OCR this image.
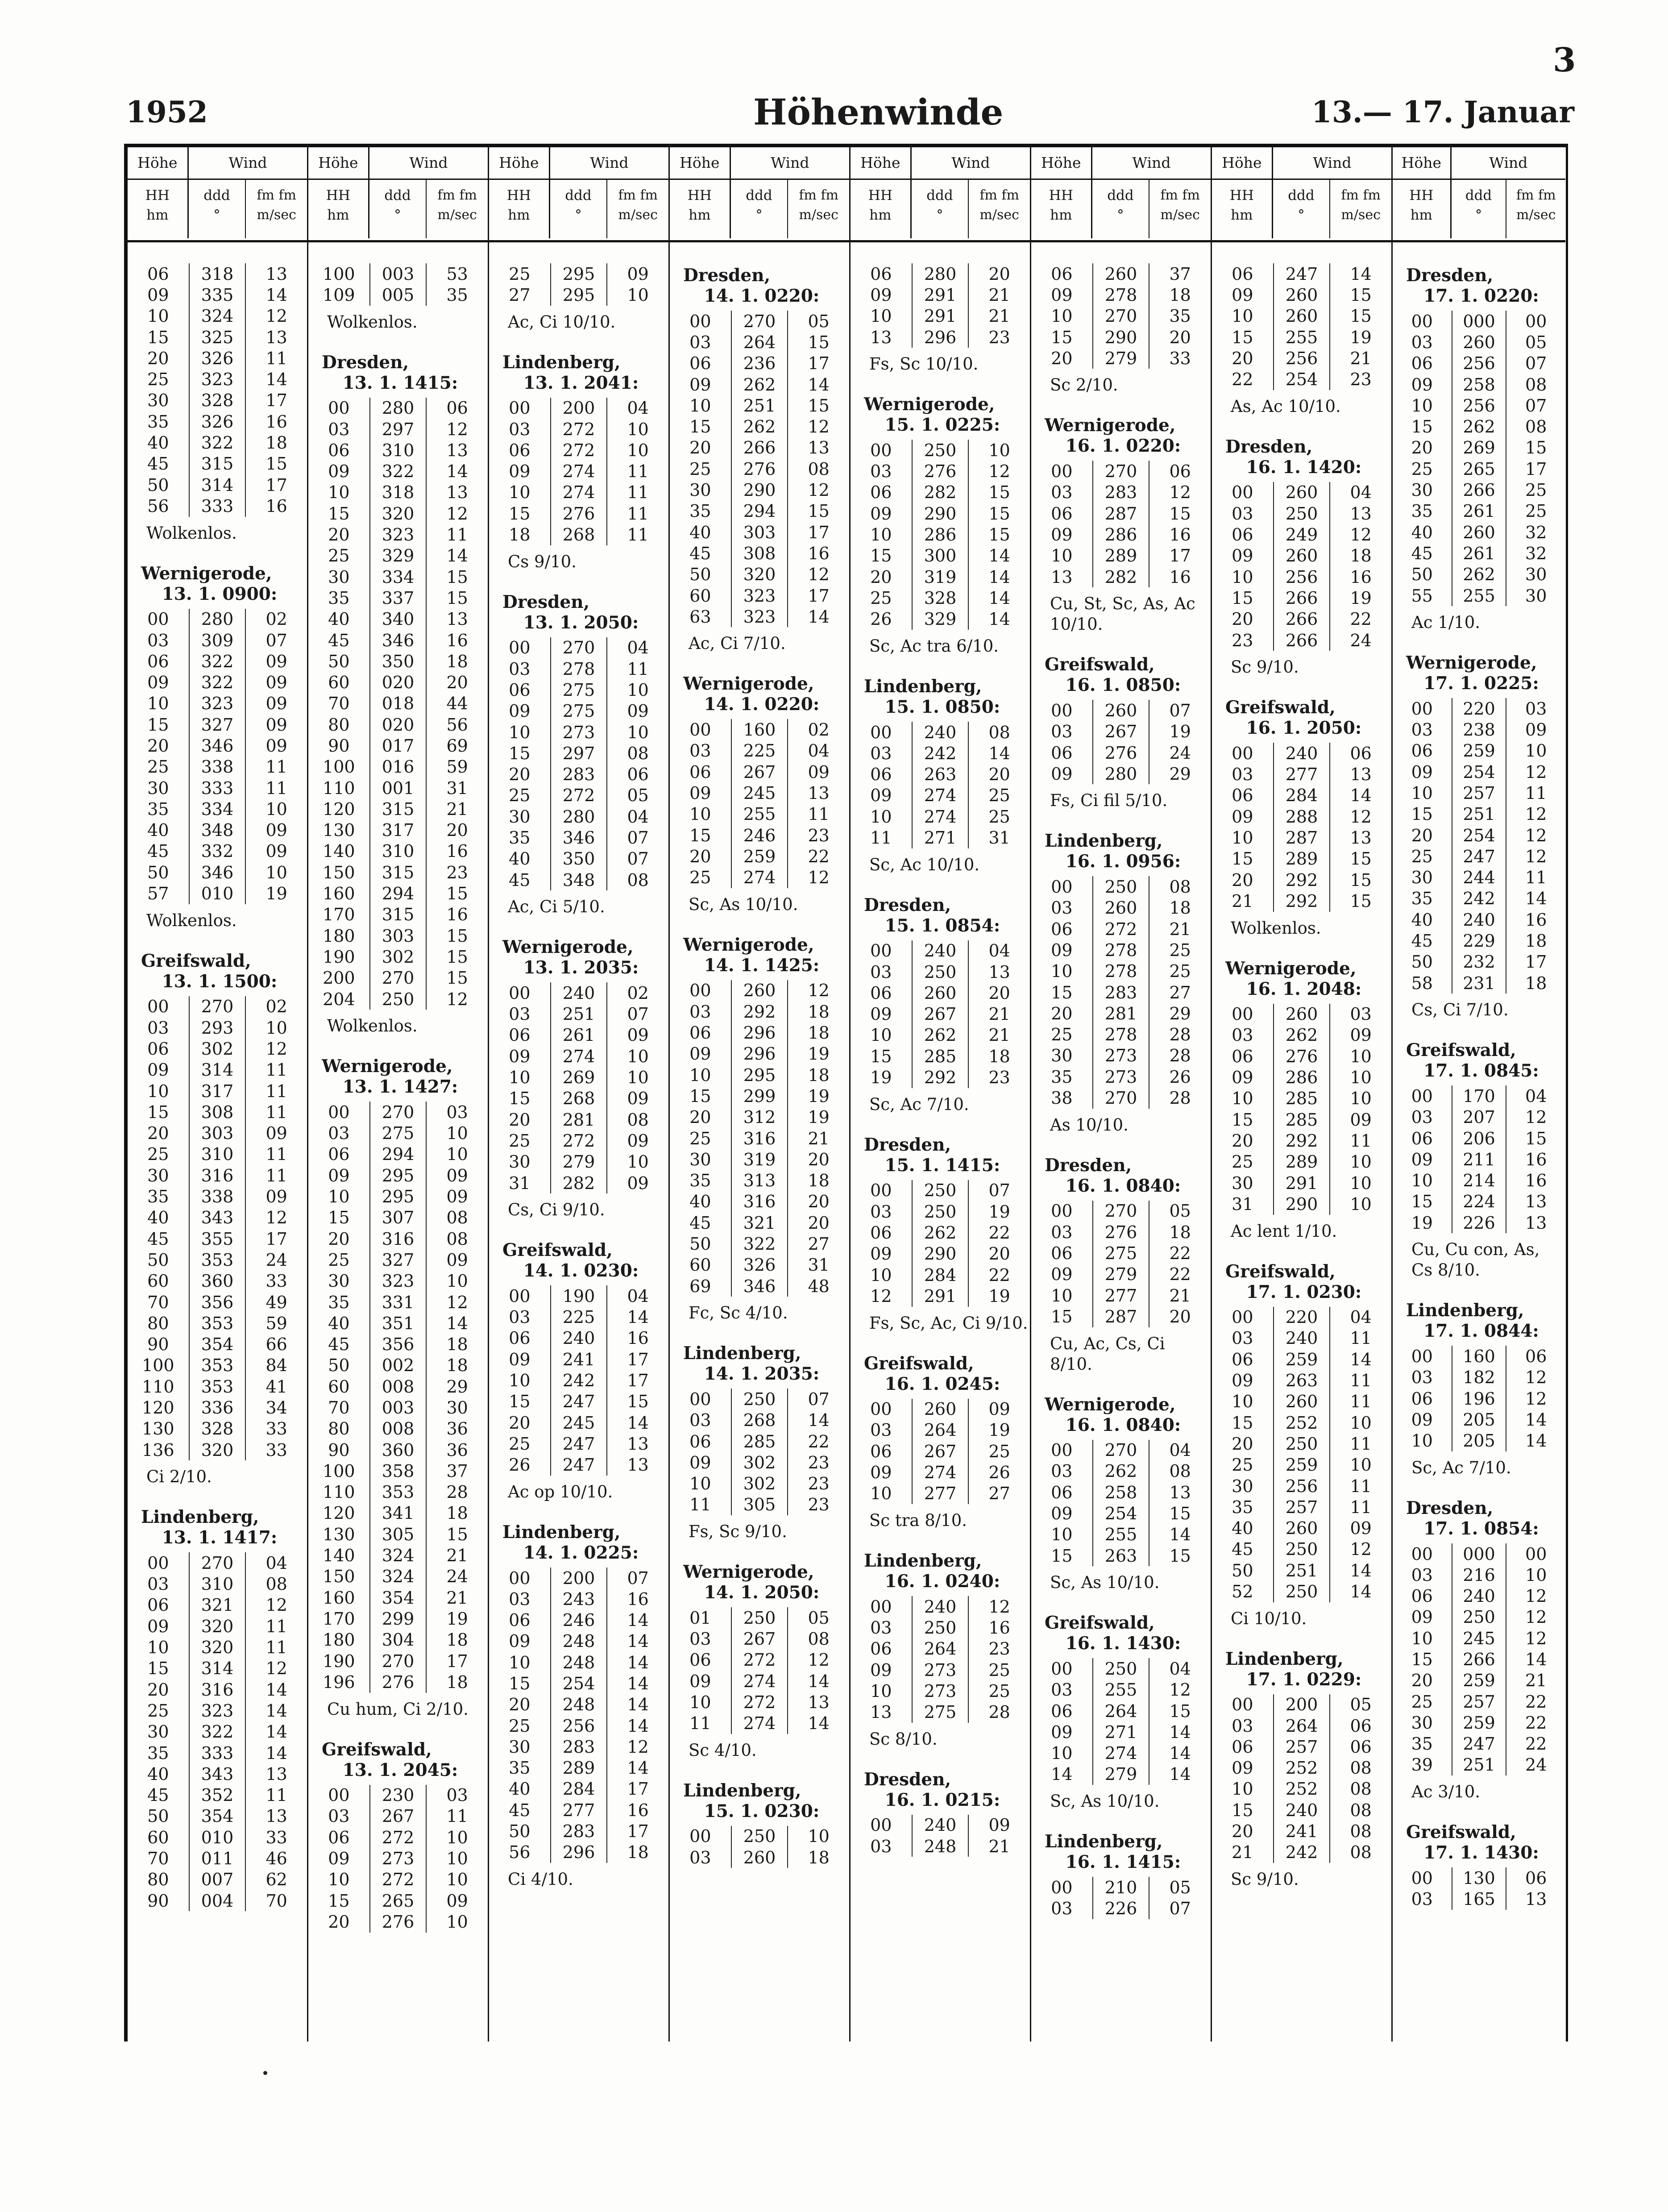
3
1952	Höhenwinde	13.— 17. Januar
Höhe	Wind
HH
hm
ddd
°
fm fm
m/sec
06	318	13
09	335	14
10	324	12
15	325	13
20	326	11
25	323	14
30	328	17
35	326	16
40	322	18
45	315	15
50	314	17
56	333	16
Wolkenlos.
Wernigerode,
13. 1. 0900:
00	280	02
03	309	07
06	322	09
09	322	09
10	323	09
15	327	09
20	346	09
25	338	11
30	333	11
35	334	10
40	348	09
45	332	09
50	346	10
57	010	19
Wolkenlos.
Greifswald,
13. 1. 1500:
00	270	02
03	293	10
06	302	12
09	314	11
10	317	11
15	308	11
20	303	09
25	310	11
30	316	11
35	338	09
40	343	12
45	355	17
50	353	24
60	360	33
70	356	49
80	353	59
90	354	66
100	353	84
110	353	41
120	336	34
130	328	33
136	320	33
Ci 2/10.
Lindenberg,
13. 1. 1417:
00	270	04
03	310	08
06	321	12
09	320	11
10	320	11
15	314	12
20	316	14
25	323	14
30	322	14
35	333	14
40	343	13
45	352	11
50	354	13
60	010	33
70	011	46
80	007	62
90	004	70
Höhe	Wind
HH
hm
ddd
°
fm fm
m/sec
100	003	53
109	005	35
Wolkenlos.
Dresden,
13. 1. 1415:
00	280	06
03	297	12
06	310	13
09	322	14
10	318	13
15	320	12
20	323	11
25	329	14
30	334	15
35	337	15
40	340	13
45	346	16
50	350	18
60	020	20
70	018	44
80	020	56
90	017	69
100	016	59
110	001	31
120	315	21
130	317	20
140	310	16
150	315	23
160	294	15
170	315	16
180	303	15
190	302	15
200	270	15
204	250	12
Wolkenlos.
Wernigerode,
13. 1. 1427:
00	270	03
03	275	10
06	294	10
09	295	09
10	295	09
15	307	08
20	316	08
25	327	09
30	323	10
35	331	12
40	351	14
45	356	18
50	002	18
60	008	29
70	003	30
80	008	36
90	360	36
100	358	37
110	353	28
120	341	18
130	305	15
140	324	21
150	324	24
160	354	21
170	299	19
180	304	18
190	270	17
196	276	18
Cu hum, Ci 2/10.
Greifswald,
13. 1. 2045:
00	230	03
03	267	11
06	272	10
09	273	10
10	272	10
15	265	09
20	276	10
Höhe	Wind
HH
hm
ddd
°
fm fm
m/sec
25	295	09
27	295	10
Ac, Ci 10/10.
Lindenberg,
13. 1. 2041:
00	200	04
03	272	10
06	272	10
09	274	11
10	274	11
15	276	11
18	268	11
Cs 9/10.
Dresden,
13. 1. 2050:
00	270	04
03	278	11
06	275	10
09	275	09
10	273	10
15	297	08
20	283	06
25	272	05
30	280	04
35	346	07
40	350	07
45	348	08
Ac, Ci 5/10.
Wernigerode,
13. 1. 2035:
00	240	02
03	251	07
06	261	09
09	274	10
10	269	10
15	268	09
20	281	08
25	272	09
30	279	10
31	282	09
Cs, Ci 9/10.
Greifswald,
14. 1. 0230:
00	190	04
03	225	14
06	240	16
09	241	17
10	242	17
15	247	15
20	245	14
25	247	13
26	247	13
Ac op 10/10.
Lindenberg,
14. 1. 0225:
00	200	07
03	243	16
06	246	14
09	248	14
10	248	14
15	254	14
20	248	14
25	256	14
30	283	12
35	289	14
40	284	17
45	277	16
50	283	17
56	296	18
Ci 4/10.
Höhe	Wind
HH
hm
ddd
°
fm fm
m/sec
Dresden,
14. 1. 0220:
00	270	05
03	264	15
06	236	17
09	262	14
10	251	15
15	262	12
20	266	13
25	276	08
30	290	12
35	294	15
40	303	17
45	308	16
50	320	12
60	323	17
63	323	14
Ac, Ci 7/10.
Wernigerode,
14. 1. 0220:
00	160	02
03	225	04
06	267	09
09	245	13
10	255	11
15	246	23
20	259	22
25	274	12
Sc, As 10/10.
Wernigerode,
14. 1. 1425:
00	260	12
03	292	18
06	296	18
09	296	19
10	295	18
15	299	19
20	312	19
25	316	21
30	319	20
35	313	18
40	316	20
45	321	20
50	322	27
60	326	31
69	346	48
Fc, Sc 4/10.
Lindenberg,
14. 1. 2035:
00	250	07
03	268	14
06	285	22
09	302	23
10	302	23
11	305	23
Fs, Sc 9/10.
Wernigerode,
14. 1. 2050:
01	250	05
03	267	08
06	272	12
09	274	14
10	272	13
11	274	14
Sc 4/10.
Lindenberg,
15. 1. 0230:
00	250	10
03	260	18
Höhe	Wind
HH
hm
ddd
°
fm fm
m/sec
06	280	20
09	291	21
10	291	21
13	296	23
Fs, Sc 10/10.
Wernigerode,
15. 1. 0225:
00	250	10
03	276	12
06	282	15
09	290	15
10	286	15
15	300	14
20	319	14
25	328	14
26	329	14
Sc, Ac tra 6/10.
Lindenberg,
15. 1. 0850:
00	240	08
03	242	14
06	263	20
09	274	25
10	274	25
11	271	31
Sc, Ac 10/10.
Dresden,
15. 1. 0854:
00	240	04
03	250	13
06	260	20
09	267	21
10	262	21
15	285	18
19	292	23
Sc, Ac 7/10.
Dresden,
15. 1. 1415:
00	250	07
03	250	19
06	262	22
09	290	20
10	284	22
12	291	19
Fs, Sc, Ac, Ci 9/10.
Greifswald,
16. 1. 0245:
00	260	09
03	264	19
06	267	25
09	274	26
10	277	27
Sc tra 8/10.
Lindenberg,
16. 1. 0240:
00	240	12
03	250	16
06	264	23
09	273	25
10	273	25
13	275	28
Sc 8/10.
Dresden,
16. 1. 0215:
00	240	09
03	248	21
Höhe	Wind
HH
hm
ddd
°
fm fm
m/sec
06	260	37
09	278	18
10	270	35
15	290	20
20	279	33
Sc 2/10.
Wernigerode,
16. 1. 0220:
00	270	06
03	283	12
06	287	15
09	286	16
10	289	17
13	282	16
Cu, St, Sc, As, Ac 10/10.
Greifswald,
16. 1. 0850:
00	260	07
03	267	19
06	276	24
09	280	29
Fs, Ci fil 5/10.
Lindenberg,
16. 1. 0956:
00	250	08
03	260	18
06	272	21
09	278	25
10	278	25
15	283	27
20	281	29
25	278	28
30	273	28
35	273	26
38	270	28
As 10/10.
Dresden,
16. 1. 0840:
00	270	05
03	276	18
06	275	22
09	279	22
10	277	21
15	287	20
Cu, Ac, Cs, Ci 8/10.
Wernigerode,
16. 1. 0840:
00	270	04
03	262	08
06	258	13
09	254	15
10	255	14
15	263	15
Sc, As 10/10.
Greifswald,
16. 1. 1430:
00	250	04
03	255	12
06	264	15
09	271	14
10	274	14
14	279	14
Sc, As 10/10.
Lindenberg,
16. 1. 1415:
00	210	05
03	226	07
Höhe	Wind
HH
hm
ddd
°
fm fm
m/sec
06	247	14
09	260	15
10	260	15
15	255	19
20	256	21
22	254	23
As, Ac 10/10.
Dresden,
16. 1. 1420:
00	260	04
03	250	13
06	249	12
09	260	18
10	256	16
15	266	19
20	266	22
23	266	24
Sc 9/10.
Greifswald,
16. 1. 2050:
00	240	06
03	277	13
06	284	14
09	288	12
10	287	13
15	289	15
20	292	15
21	292	15
Wolkenlos.
Wernigerode,
16. 1. 2048:
00	260	03
03	262	09
06	276	10
09	286	10
10	285	10
15	285	09
20	292	11
25	289	10
30	291	10
31	290	10
Ac lent 1/10.
Greifswald,
17. 1. 0230:
00	220	04
03	240	11
06	259	14
09	263	11
10	260	11
15	252	10
20	250	11
25	259	10
30	256	11
35	257	11
40	260	09
45	250	12
50	251	14
52	250	14
Ci 10/10.
Lindenberg,
17. 1. 0229:
00	200	05
03	264	06
06	257	06
09	252	08
10	252	08
15	240	08
20	241	08
21	242	08
Sc 9/10.
Höhe	Wind
HH
hm
ddd
°
fm fm
m/sec
Dresden,
17. 1. 0220:
00	000	00
03	260	05
06	256	07
09	258	08
10	256	07
15	262	08
20	269	15
25	265	17
30	266	25
35	261	25
40	260	32
45	261	32
50	262	30
55	255	30
Ac 1/10.
Wernigerode,
17. 1. 0225:
00	220	03
03	238	09
06	259	10
09	254	12
10	257	11
15	251	12
20	254	12
25	247	12
30	244	11
35	242	14
40	240	16
45	229	18
50	232	17
58	231	18
Cs, Ci 7/10.
Greifswald,
17. 1. 0845:
00	170	04
03	207	12
06	206	15
09	211	16
10	214	16
15	224	13
19	226	13
Cu, Cu con, As, Cs 8/10.
Lindenberg,
17. 1. 0844:
00	160	06
03	182	12
06	196	12
09	205	14
10	205	14
Sc, Ac 7/10.
Dresden,
17. 1. 0854:
00	000	00
03	216	10
06	240	12
09	250	12
10	245	12
15	266	14
20	259	21
25	257	22
30	259	22
35	247	22
39	251	24
Ac 3/10.
Greifswald,
17. 1. 1430:
00	130	06
03	165	13
